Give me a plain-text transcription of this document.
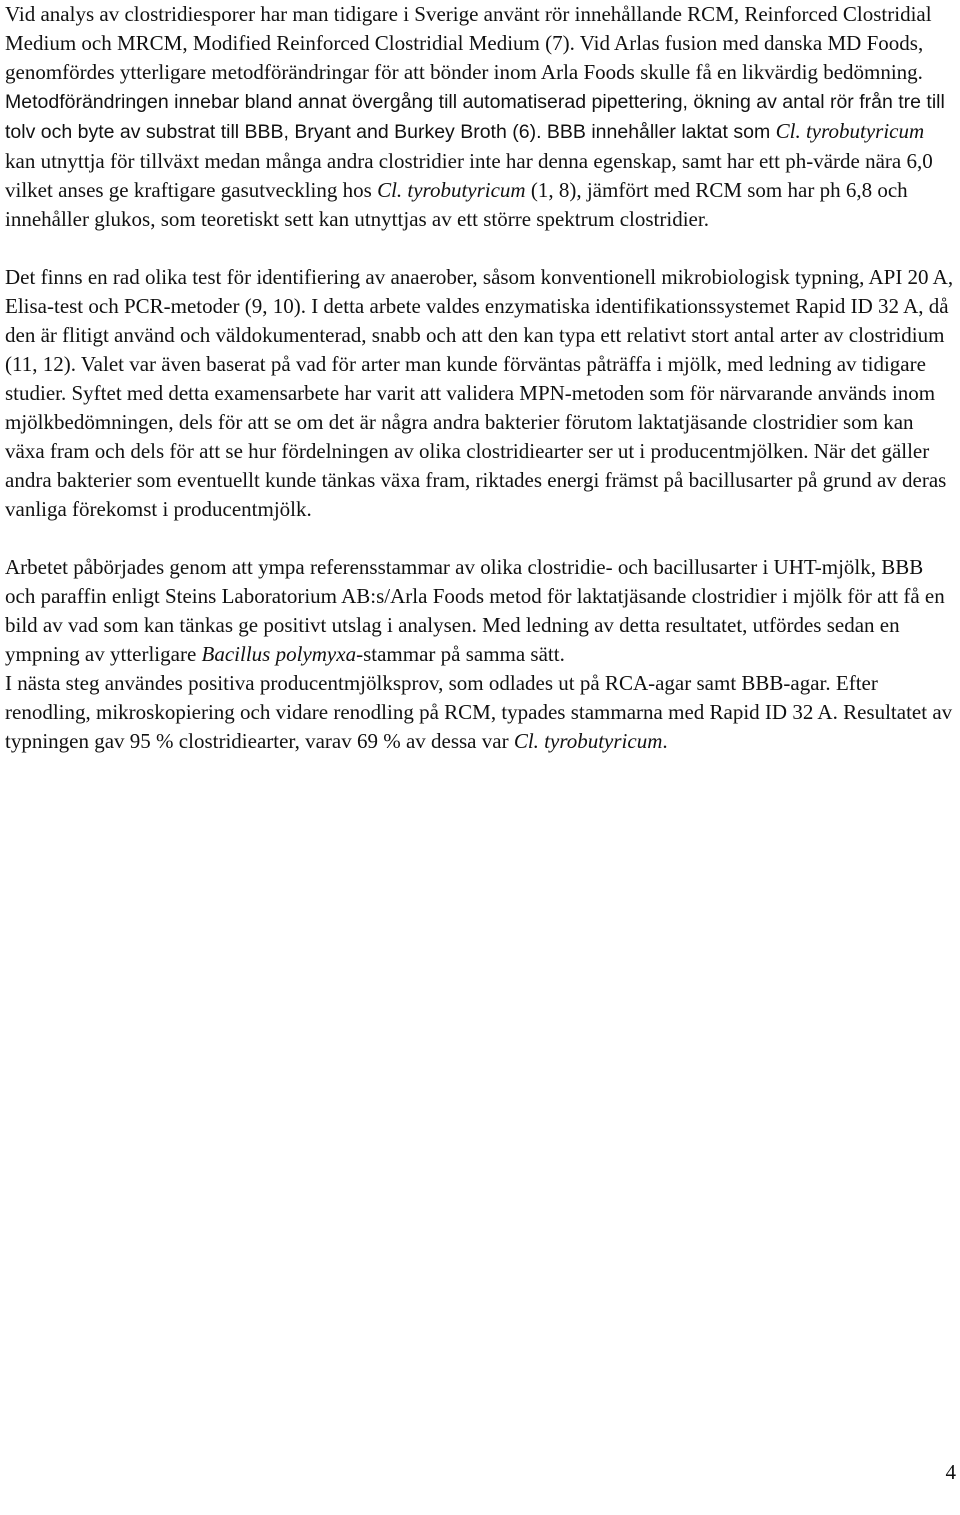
Vid analys av clostridiesporer har man tidigare i Sverige använt rör innehållande RCM, Reinforced Clostridial Medium och MRCM, Modified Reinforced Clostridial Medium (7). Vid Arlas fusion med danska MD Foods, genomfördes ytterligare metodförändringar för att bönder inom Arla Foods skulle få en likvärdig bedömning. Metodförändringen innebar bland annat övergång till automatiserad pipettering, ökning av antal rör från tre till tolv och byte av substrat till BBB, Bryant and Burkey Broth (6). BBB innehåller laktat som Cl. tyrobutyricum kan utnyttja för tillväxt medan många andra clostridier inte har denna egenskap, samt har ett ph-värde nära 6,0 vilket anses ge kraftigare gasutveckling hos Cl. tyrobutyricum (1, 8), jämfört med RCM som har ph 6,8 och innehåller glukos, som teoretiskt sett kan utnyttjas av ett större spektrum clostridier.

Det finns en rad olika test för identifiering av anaerober, såsom konventionell mikrobiologisk typning, API 20 A, Elisa-test och PCR-metoder (9, 10). I detta arbete valdes enzymatiska identifikationssystemet Rapid ID 32 A, då den är flitigt använd och väldokumenterad, snabb och att den kan typa ett relativt stort antal arter av clostridium (11, 12). Valet var även baserat på vad för arter man kunde förväntas påträffa i mjölk, med ledning av tidigare studier. Syftet med detta examensarbete har varit att validera MPN-metoden som för närvarande används inom mjölkbedömningen, dels för att se om det är några andra bakterier förutom laktatjäsande clostridier som kan växa fram och dels för att se hur fördelningen av olika clostridiearter ser ut i producentmjölken. När det gäller andra bakterier som eventuellt kunde tänkas växa fram, riktades energi främst på bacillusarter på grund av deras vanliga förekomst i producentmjölk.

Arbetet påbörjades genom att ympa referensstammar av olika clostridie- och bacillusarter i UHT-mjölk, BBB och paraffin enligt Steins Laboratorium AB:s/Arla Foods metod för laktatjäsande clostridier i mjölk för att få en bild av vad som kan tänkas ge positivt utslag i analysen. Med ledning av detta resultatet, utfördes sedan en ympning av ytterligare Bacillus polymyxa-stammar på samma sätt.

I nästa steg användes positiva producentmjölksprov, som odlades ut på RCA-agar samt BBB-agar. Efter renodling, mikroskopiering och vidare renodling på RCM, typades stammarna med Rapid ID 32 A. Resultatet av typningen gav 95 % clostridiearter, varav 69 % av dessa var Cl. tyrobutyricum.

4
